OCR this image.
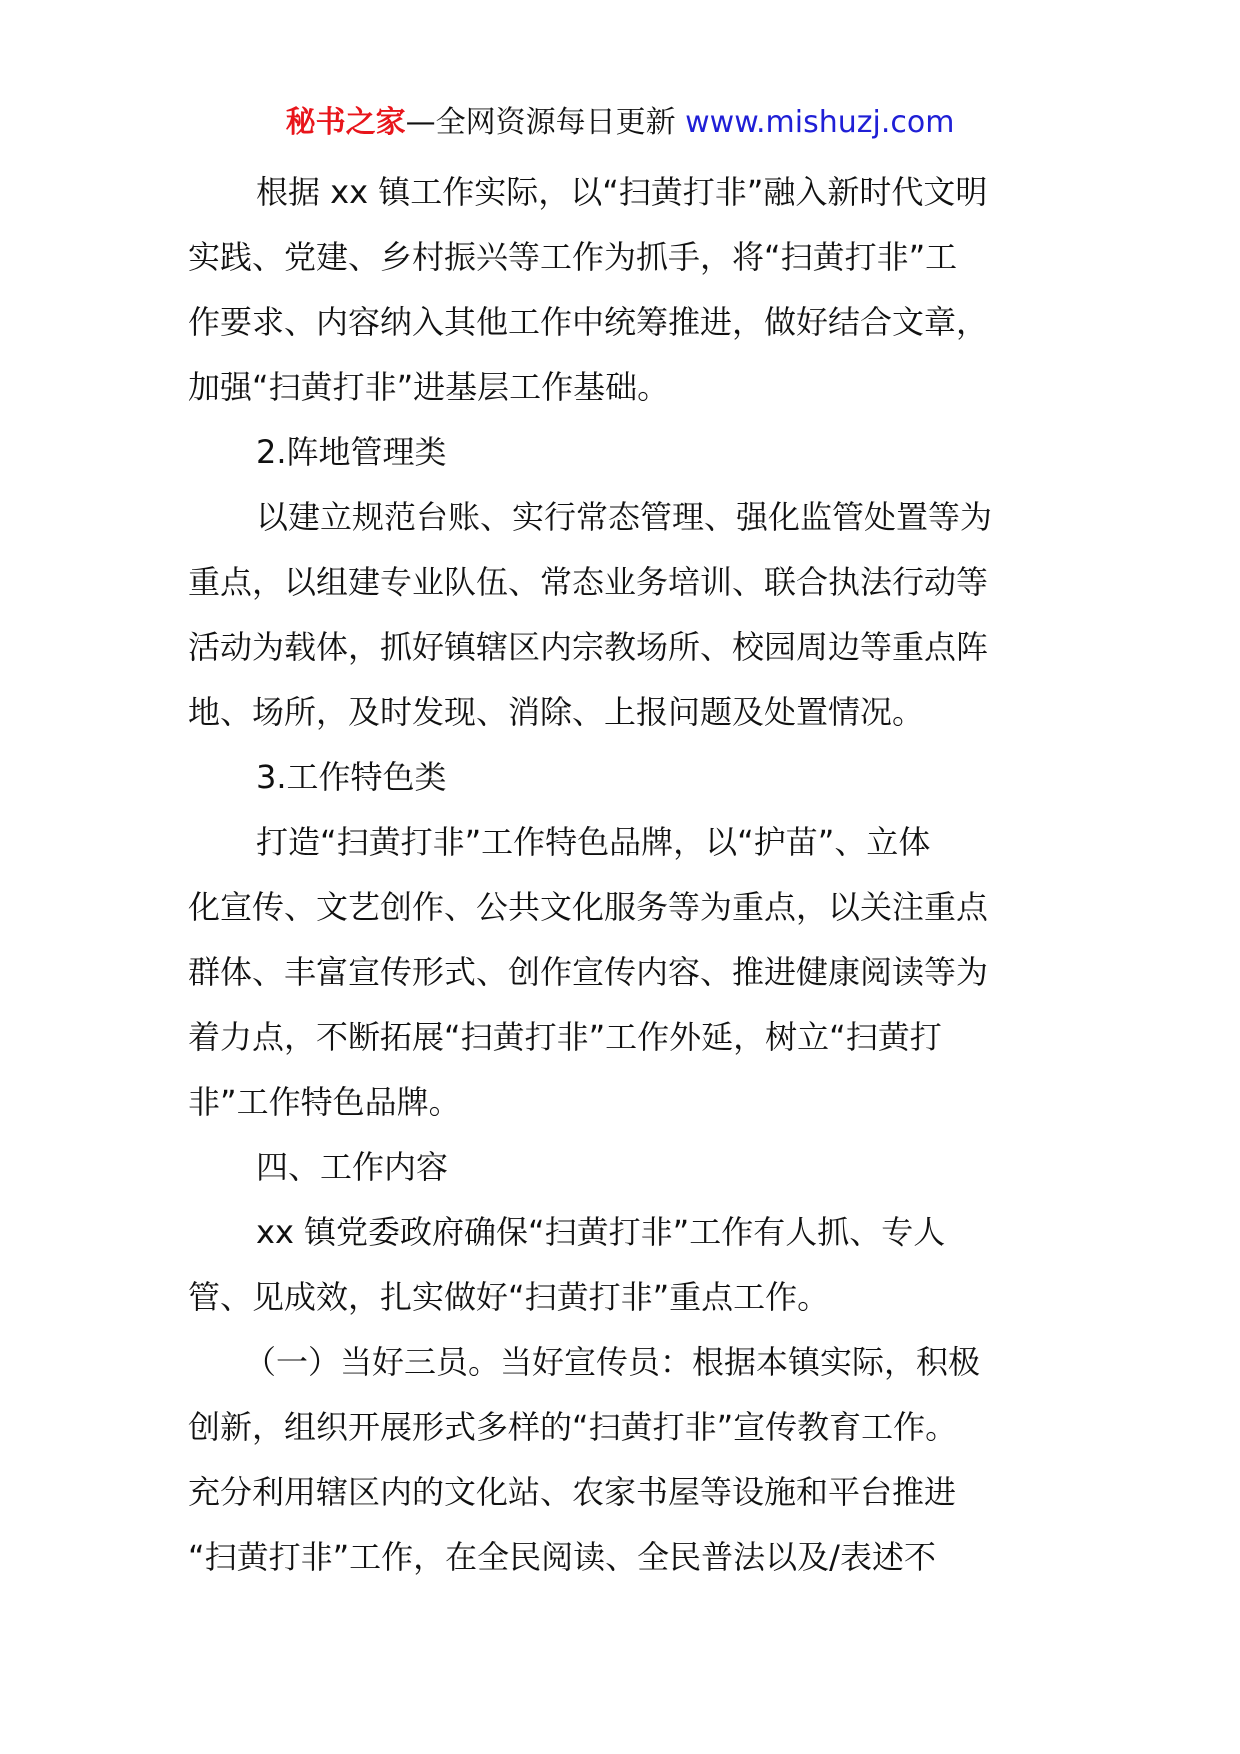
秘书之家—全网资源每日更新 www.mishuzj.com

根据 xx 镇工作实际，以“扫黄打非”融入新时代文明
实践、党建、乡村振兴等工作为抓手，将“扫黄打非”工
作要求、内容纳入其他工作中统筹推进，做好结合文章，
加强“扫黄打非”进基层工作基础。

2.阵地管理类

以建立规范台账、实行常态管理、强化监管处置等为
重点，以组建专业队伍、常态业务培训、联合执法行动等
活动为载体，抓好镇辖区内宗教场所、校园周边等重点阵
地、场所，及时发现、消除、上报问题及处置情况。

3.工作特色类

打造“扫黄打非”工作特色品牌，以“护苗”、立体
化宣传、文艺创作、公共文化服务等为重点，以关注重点
群体、丰富宣传形式、创作宣传内容、推进健康阅读等为
着力点，不断拓展“扫黄打非”工作外延，树立“扫黄打
非”工作特色品牌。

四、工作内容

xx 镇党委政府确保“扫黄打非”工作有人抓、专人
管、见成效，扎实做好“扫黄打非”重点工作。

（一）当好三员。当好宣传员：根据本镇实际，积极
创新，组织开展形式多样的“扫黄打非”宣传教育工作。
充分利用辖区内的文化站、农家书屋等设施和平台推进
“扫黄打非”工作，在全民阅读、全民普法以及/表述不
